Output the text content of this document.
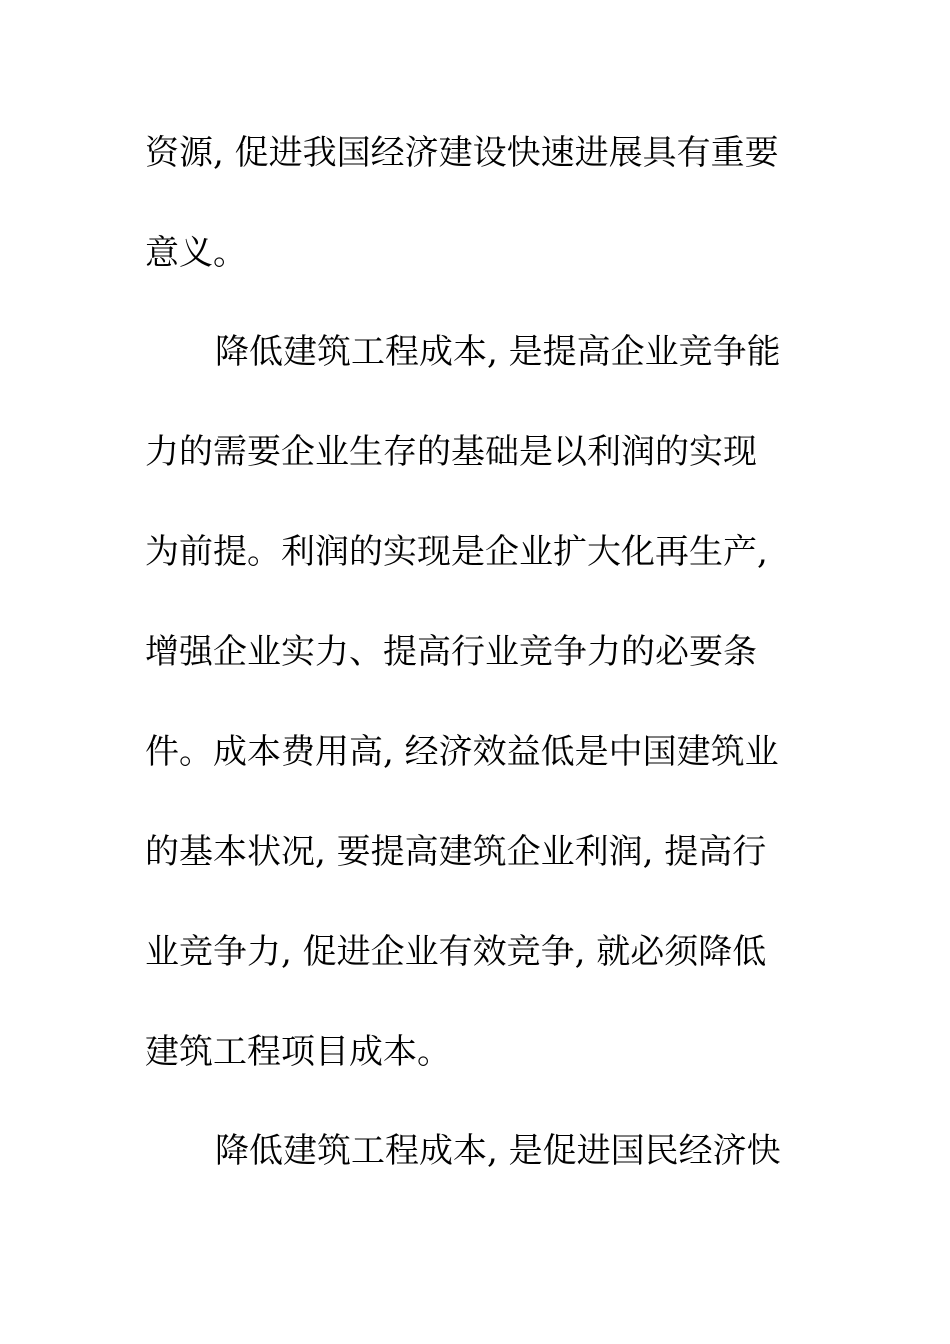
资源, 促进我国经济建设快速进展具有重要
意义。
降低建筑工程成本, 是提高企业竞争能
力的需要企业生存的基础是以利润的实现
为前提。利润的实现是企业扩大化再生产,
增强企业实力、提高行业竞争力的必要条
件。成本费用高, 经济效益低是中国建筑业
的基本状况, 要提高建筑企业利润, 提高行
业竞争力, 促进企业有效竞争, 就必须降低
建筑工程项目成本。
降低建筑工程成本, 是促进国民经济快
